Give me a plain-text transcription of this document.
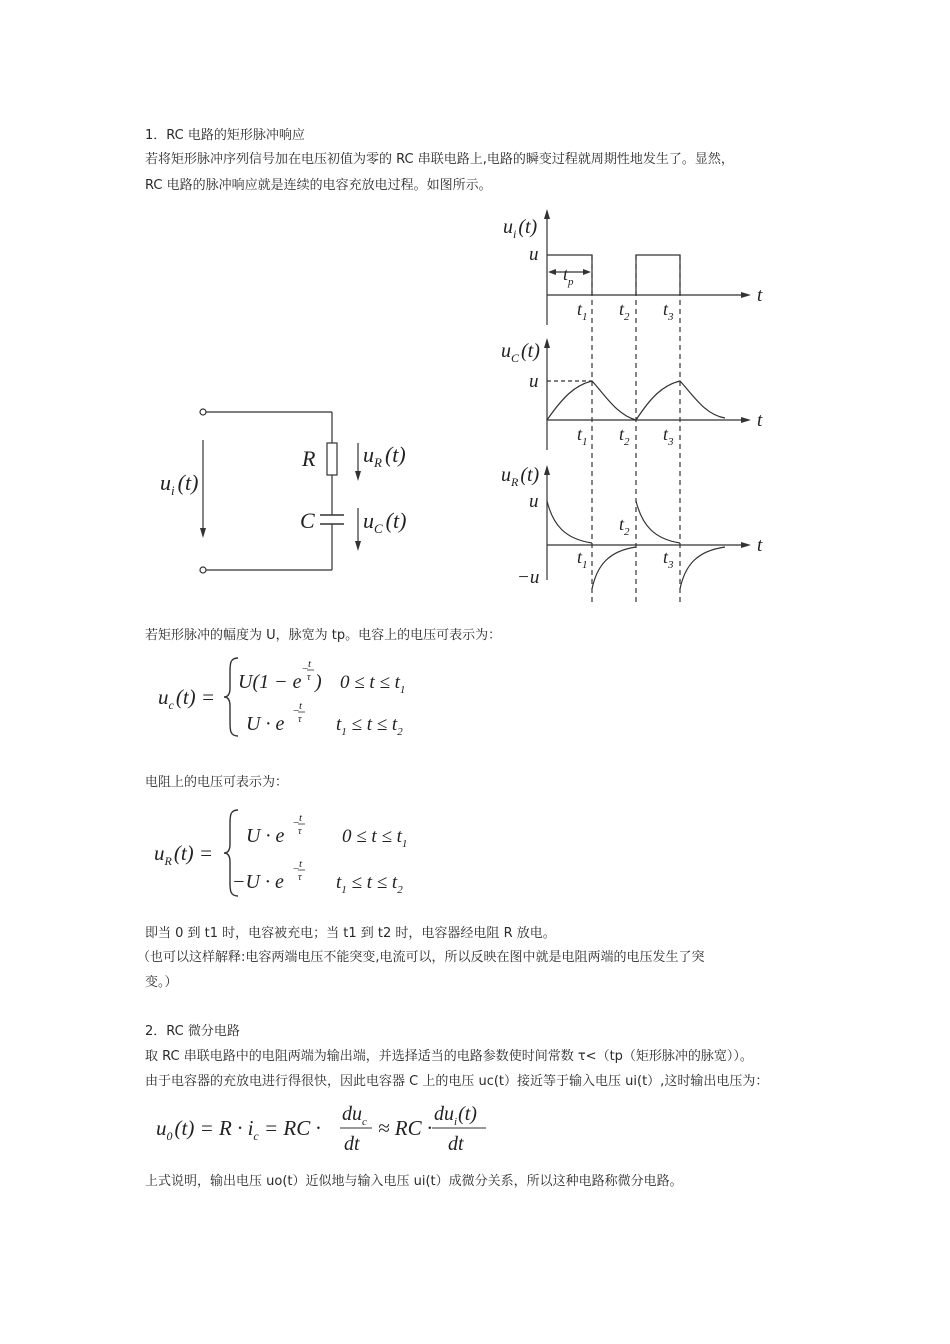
1．RC 电路的矩形脉冲响应
若将矩形脉冲序列信号加在电压初值为零的 RC 串联电路上,电路的瞬变过程就周期性地发生了。显然，
RC 电路的脉冲响应就是连续的电容充放电过程。如图所示。
$u_i$ (t)
R
C
$u_R$ (t)
$u_C$ (t)
$u_i$ (t)
u
$t_p$
t
$t_1$ $t_2$ $t_3$
$u_C$ (t)
u
t
$t_1$ $t_2$ $t_3$
$u_R$ (t)
u
−u
t
$t_2$
$t_1$	$t_3$
若矩形脉冲的幅度为 U，脉宽为 tp。电容上的电压可表示为：
$u_c(t)$ =
U(1 − e
− t
τ ) $0 \le t \le t_1$
U · e
− t
τ $t_1 \le t \le t_2$
电阻上的电压可表示为：
$u_R(t)$ =
U · e
− t
τ $0 \le t \le t_1$
−U · e
− t
τ $t_1 \le t \le t_2$
即当 0 到 t1 时，电容被充电；当 t1 到 t2 时，电容器经电阻 R 放电。
（也可以这样解释:电容两端电压不能突变,电流可以，所以反映在图中就是电阻两端的电压发生了突
变。）
2．RC 微分电路
取 RC 串联电路中的电阻两端为输出端，并选择适当的电路参数使时间常数 τ<（tp（矩形脉冲的脉宽））。
由于电容器的充放电进行得很快，因此电容器 C 上的电压 uc(t）接近等于输入电压 ui(t）,这时输出电压为：
$u_0(t) = R \cdot i_c$ = RC ·
$du_c$
dt
≈ RC ·
$du_i(t)$
dt
上式说明，输出电压 uo(t）近似地与输入电压 ui(t）成微分关系，所以这种电路称微分电路。
